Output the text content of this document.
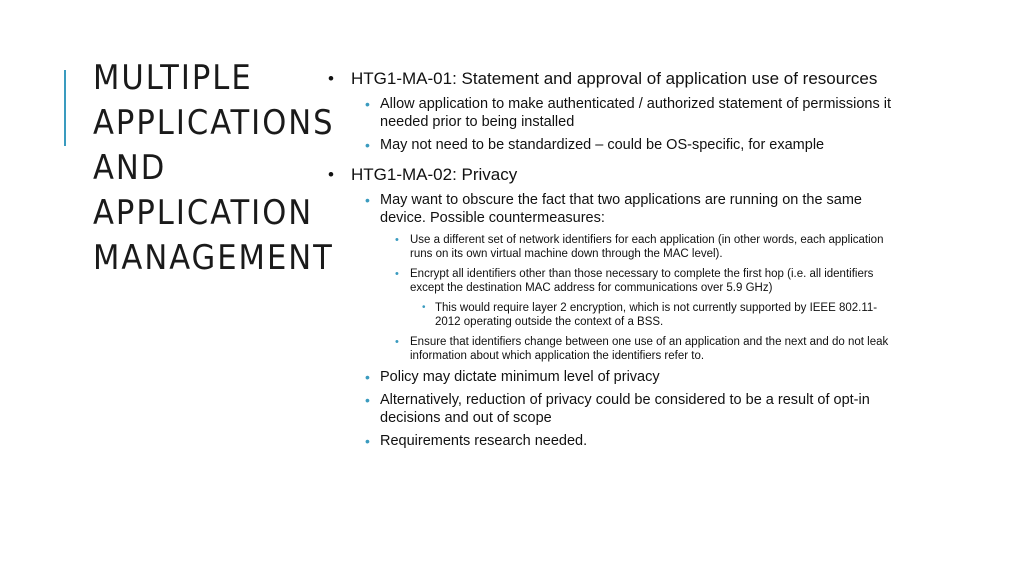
MULTIPLE
APPLICATIONS
AND
APPLICATION
MANAGEMENT
• HTG1-MA-01: Statement and approval of application use of resources
• Allow application to make authenticated / authorized statement of permissions it needed prior to being installed
• May not need to be standardized – could be OS-specific, for example
• HTG1-MA-02: Privacy
• May want to obscure the fact that two applications are running on the same device. Possible countermeasures:
• Use a different set of network identifiers for each application (in other words, each application runs on its own virtual machine down through the MAC level).
• Encrypt all identifiers other than those necessary to complete the first hop (i.e. all identifiers except the destination MAC address for communications over 5.9 GHz)
• This would require layer 2 encryption, which is not currently supported by IEEE 802.11-2012 operating outside the context of a BSS.
• Ensure that identifiers change between one use of an application and the next and do not leak information about which application the identifiers refer to.
• Policy may dictate minimum level of privacy
• Alternatively, reduction of privacy could be considered to be a result of opt-in decisions and out of scope
• Requirements research needed.
